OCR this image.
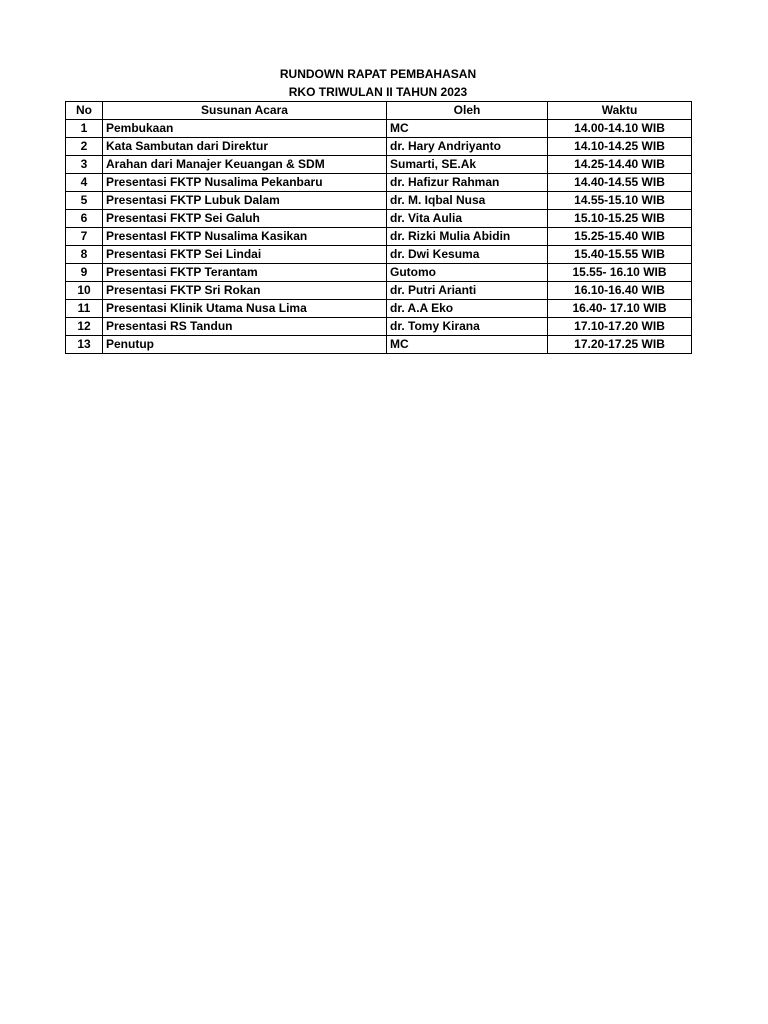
RUNDOWN RAPAT PEMBAHASAN
RKO TRIWULAN II TAHUN 2023
No	Susunan Acara	Oleh	Waktu
1	Pembukaan	MC	14.00-14.10 WIB
2	Kata Sambutan dari Direktur	dr. Hary Andriyanto	14.10-14.25 WIB
3	Arahan dari Manajer Keuangan & SDM	Sumarti, SE.Ak	14.25-14.40 WIB
4	Presentasi FKTP Nusalima Pekanbaru	dr. Hafizur Rahman	14.40-14.55 WIB
5	Presentasi FKTP Lubuk Dalam	dr. M. Iqbal Nusa	14.55-15.10 WIB
6	Presentasi FKTP Sei Galuh	dr. Vita Aulia	15.10-15.25 WIB
7	PresentasI FKTP Nusalima Kasikan	dr. Rizki Mulia Abidin	15.25-15.40 WIB
8	Presentasi FKTP Sei Lindai	dr. Dwi Kesuma	15.40-15.55 WIB
9	Presentasi FKTP Terantam	Gutomo	15.55- 16.10 WIB
10	Presentasi FKTP Sri Rokan	dr. Putri Arianti	16.10-16.40 WIB
11	Presentasi Klinik Utama Nusa Lima	dr. A.A Eko	16.40- 17.10 WIB
12	Presentasi RS Tandun	dr. Tomy Kirana	17.10-17.20 WIB
13	Penutup	MC	17.20-17.25 WIB
